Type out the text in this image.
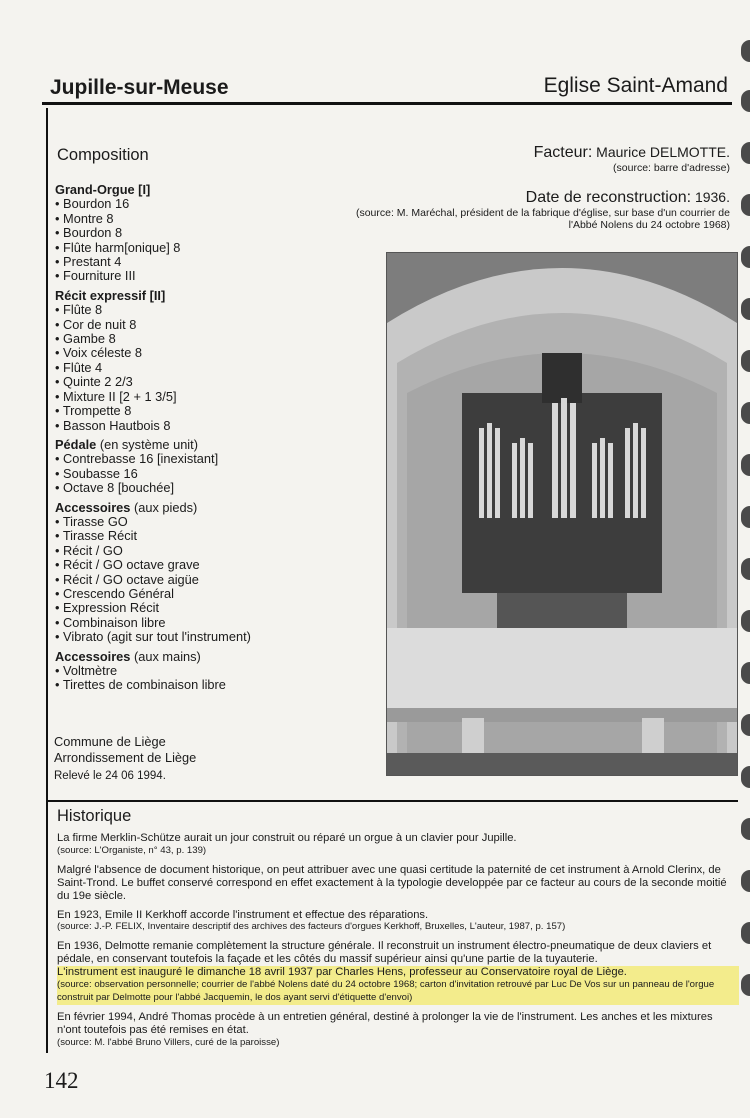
Jupille-sur-Meuse	Eglise Saint-Amand
Composition
Grand-Orgue [I]
• Bourdon 16
• Montre 8
• Bourdon 8
• Flûte harm[onique] 8
• Prestant 4
• Fourniture III
Récit expressif [II]
• Flûte 8
• Cor de nuit 8
• Gambe 8
• Voix céleste 8
• Flûte 4
• Quinte 2 2/3
• Mixture II [2 + 1 3/5]
• Trompette 8
• Basson Hautbois 8
Pédale (en système unit)
• Contrebasse 16 [inexistant]
• Soubasse 16
• Octave 8 [bouchée]
Accessoires (aux pieds)
• Tirasse GO
• Tirasse Récit
• Récit / GO
• Récit / GO octave grave
• Récit / GO octave aigüe
• Crescendo Général
• Expression Récit
• Combinaison libre
• Vibrato (agit sur tout l'instrument)
Accessoires (aux mains)
• Voltmètre
• Tirettes de combinaison libre
Commune de Liège
Arrondissement de Liège
Relevé le 24 06 1994.
Facteur: Maurice DELMOTTE.
(source: barre d'adresse)
Date de reconstruction: 1936.
(source: M. Maréchal, président de la fabrique d'église, sur base d'un courrier de l'Abbé Nolens du 24 octobre 1968)
Historique

La firme Merklin-Schütze aurait un jour construit ou réparé un orgue à un clavier pour Jupille.
(source: L'Organiste, n° 43, p. 139)

Malgré l'absence de document historique, on peut attribuer avec une quasi certitude la paternité de cet instrument à Arnold Clerinx, de Saint-Trond. Le buffet conservé correspond en effet exactement à la typologie developpée par ce facteur au cours de la seconde moitié du 19e siècle.

En 1923, Emile II Kerkhoff accorde l'instrument et effectue des réparations.
(source: J.-P. FELIX, Inventaire descriptif des archives des facteurs d'orgues Kerkhoff, Bruxelles, L'auteur, 1987, p. 157)

En 1936, Delmotte remanie complètement la structure générale. Il reconstruit un instrument électro-pneumatique de deux claviers et pédale, en conservant toutefois la façade et les côtés du massif supérieur ainsi qu'une partie de la tuyauterie.
L'instrument est inauguré le dimanche 18 avril 1937 par Charles Hens, professeur au Conservatoire royal de Liège.
(source: observation personnelle; courrier de l'abbé Nolens daté du 24 octobre 1968; carton d'invitation retrouvé par Luc De Vos sur un panneau de l'orgue construit par Delmotte pour l'abbé Jacquemin, le dos ayant servi d'étiquette d'envoi)

En février 1994, André Thomas procède à un entretien général, destiné à prolonger la vie de l'instrument. Les anches et les mixtures n'ont toutefois pas été remises en état.
(source: M. l'abbé Bruno Villers, curé de la paroisse)

142
